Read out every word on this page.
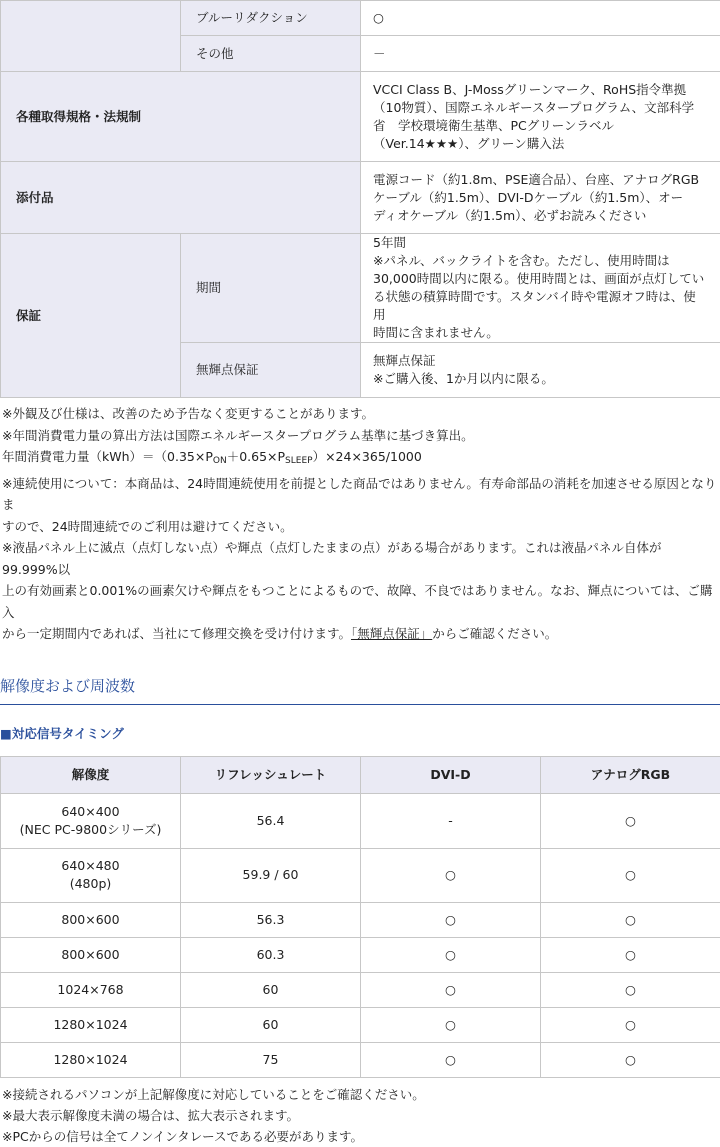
	ブルーリダクション	○
	その他	－
各種取得規格・法規制		VCCI Class B、J-Mossグリーンマーク、RoHS指令準拠
（10物質）、国際エネルギースタープログラム、文部科学
省　学校環境衛生基準、PCグリーンラベル
（Ver.14★★★）、グリーン購入法

添付品		電源コード（約1.8m、PSE適合品）、台座、アナログRGB
ケーブル（約1.5m）、DVI-Dケーブル（約1.5m）、オー
ディオケーブル（約1.5m）、必ずお読みください

保証	期間	5年間
※パネル、バックライトを含む。ただし、使用時間は
30,000時間以内に限る。使用時間とは、画面が点灯してい
る状態の積算時間です。スタンバイ時や電源オフ時は、使用
時間に含まれません。

	無輝点保証	無輝点保証
※ご購入後、1か月以内に限る。

※外観及び仕様は、改善のため予告なく変更することがあります。

※年間消費電力量の算出方法は国際エネルギースタープログラム基準に基づき算出。

年間消費電力量$(kWh)=(0.35\times P_{ON}+0.65\times P_{SLEEP})\times 24\times 365/1000$

※連続使用について：本商品は、24時間連続使用を前提とした商品ではありません。有寿命部品の消耗を加速させる原因となりま

すので、24時間連続でのご利用は避けてください。

※液晶パネル上に滅点（点灯しない点）や輝点（点灯したままの点）がある場合があります。これは液晶パネル自体が 99.999%以

上の有効画素と0.001%の画素欠けや輝点をもつことによるもので、故障、不良ではありません。なお、輝点については、ご購入

から一定期間内であれば、当社にて修理交換を受け付けます。「無輝点保証」からご確認ください。

解像度および周波数
■対応信号タイミング
解像度	リフレッシュレート	DVI-D	アナログRGB

640×400
(NEC PC-9800シリーズ)	56.4	-	○

640×480
(480p)	59.9 / 60	○	○
800×600	56.3	○	○
800×600	60.3	○	○
1024×768	60	○	○
1280×1024	60	○	○
1280×1024	75	○	○

※接続されるパソコンが上記解像度に対応していることをご確認ください。

※最大表示解像度未満の場合は、拡大表示されます。

※PCからの信号は全てノンインタレースである必要があります。
